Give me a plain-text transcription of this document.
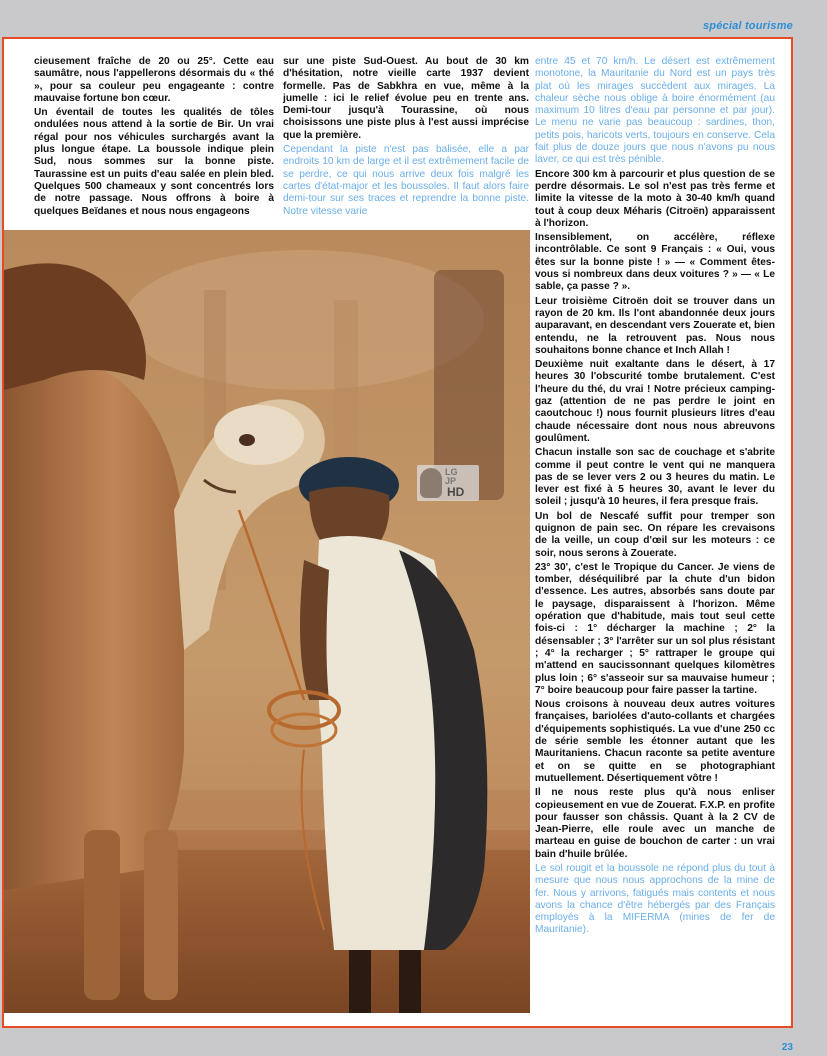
spécial tourisme

cieusement fraîche de 20 ou 25°. Cette eau saumâtre, nous l'appellerons désormais du « thé », pour sa couleur peu engageante : contre mauvaise fortune bon cœur.

Un éventail de toutes les qualités de tôles ondulées nous attend à la sortie de Bir. Un vrai régal pour nos véhicules surchargés avant la plus longue étape. La boussole indique plein Sud, nous sommes sur la bonne piste. Taurassine est un puits d'eau salée en plein bled. Quelques 500 chameaux y sont concentrés lors de notre passage. Nous offrons à boire à quelques Beïdanes et nous nous engageons

sur une piste Sud-Ouest. Au bout de 30 km d'hésitation, notre vieille carte 1937 devient formelle. Pas de Sabkhra en vue, même à la jumelle : ici le relief évolue peu en trente ans. Demi-tour jusqu'à Tourassine, où nous choisissons une piste plus à l'est aussi imprécise que la première.

Cependant la piste n'est pas balisée, elle a par endroits 10 km de large et il est extrêmement facile de se perdre, ce qui nous arrive deux fois malgré les cartes d'état-major et les boussoles. Il faut alors faire demi-tour sur ses traces et reprendre la bonne piste. Notre vitesse varie

entre 45 et 70 km/h. Le désert est extrêmement monotone, la Mauritanie du Nord est un pays très plat où les mirages succèdent aux mirages. La chaleur sèche nous oblige à boire énormément (au maximum 10 litres d'eau par personne et par jour). Le menu ne varie pas beaucoup : sardines, thon, petits pois, haricots verts, toujours en conserve. Cela fait plus de douze jours que nous n'avons pu nous laver, ce qui est très pénible.

Encore 300 km à parcourir et plus question de se perdre désormais. Le sol n'est pas très ferme et limite la vitesse de la moto à 30-40 km/h quand tout à coup deux Méharis (Citroën) apparaissent à l'horizon.

Insensiblement, on accélère, réflexe incontrôlable. Ce sont 9 Français : « Oui, vous êtes sur la bonne piste ! » — « Comment êtes-vous si nombreux dans deux voitures ? » — « Le sable, ça passe ? ».

Leur troisième Citroën doit se trouver dans un rayon de 20 km. Ils l'ont abandonnée deux jours auparavant, en descendant vers Zouerate et, bien entendu, ne la retrouvent pas. Nous nous souhaitons bonne chance et Inch Allah !

Deuxième nuit exaltante dans le désert, à 17 heures 30 l'obscurité tombe brutalement. C'est l'heure du thé, du vrai ! Notre précieux camping-gaz (attention de ne pas perdre le joint en caoutchouc !) nous fournit plusieurs litres d'eau chaude nécessaire dont nous nous abreuvons goulûment.

Chacun installe son sac de couchage et s'abrite comme il peut contre le vent qui ne manquera pas de se lever vers 2 ou 3 heures du matin. Le lever est fixé à 5 heures 30, avant le lever du soleil ; jusqu'à 10 heures, il fera presque frais.

Un bol de Nescafé suffit pour tremper son quignon de pain sec. On répare les crevaisons de la veille, un coup d'œil sur les moteurs : ce soir, nous serons à Zouerate.

23° 30', c'est le Tropique du Cancer. Je viens de tomber, déséquilibré par la chute d'un bidon d'essence. Les autres, absorbés sans doute par le paysage, disparaissent à l'horizon. Même opération que d'habitude, mais tout seul cette fois-ci : 1° décharger la machine ; 2° la désensabler ; 3° l'arrêter sur un sol plus résistant ; 4° la recharger ; 5° rattraper le groupe qui m'attend en saucissonnant quelques kilomètres plus loin ; 6° s'asseoir sur sa mauvaise humeur ; 7° boire beaucoup pour faire passer la tartine.

Nous croisons à nouveau deux autres voitures françaises, bariolées d'auto-collants et chargées d'équipements sophistiqués. La vue d'une 250 cc de série semble les étonner autant que les Mauritaniens. Chacun raconte sa petite aventure et on se quitte en se photographiant mutuellement. Désertiquement vôtre !

Il ne nous reste plus qu'à nous enliser copieusement en vue de Zouerat. F.X.P. en profite pour fausser son châssis. Quant à la 2 CV de Jean-Pierre, elle roule avec un manche de marteau en guise de bouchon de carter : un vrai bain d'huile brûlée.

Le sol rougit et la boussole ne répond plus du tout à mesure que nous nous approchons de la mine de fer. Nous y arrivons, fatigués mais contents et nous avons la chance d'être hébergés par des Français employés à la MIFERMA (mines de fer de Mauritanie).

LG
JP
HD
23
